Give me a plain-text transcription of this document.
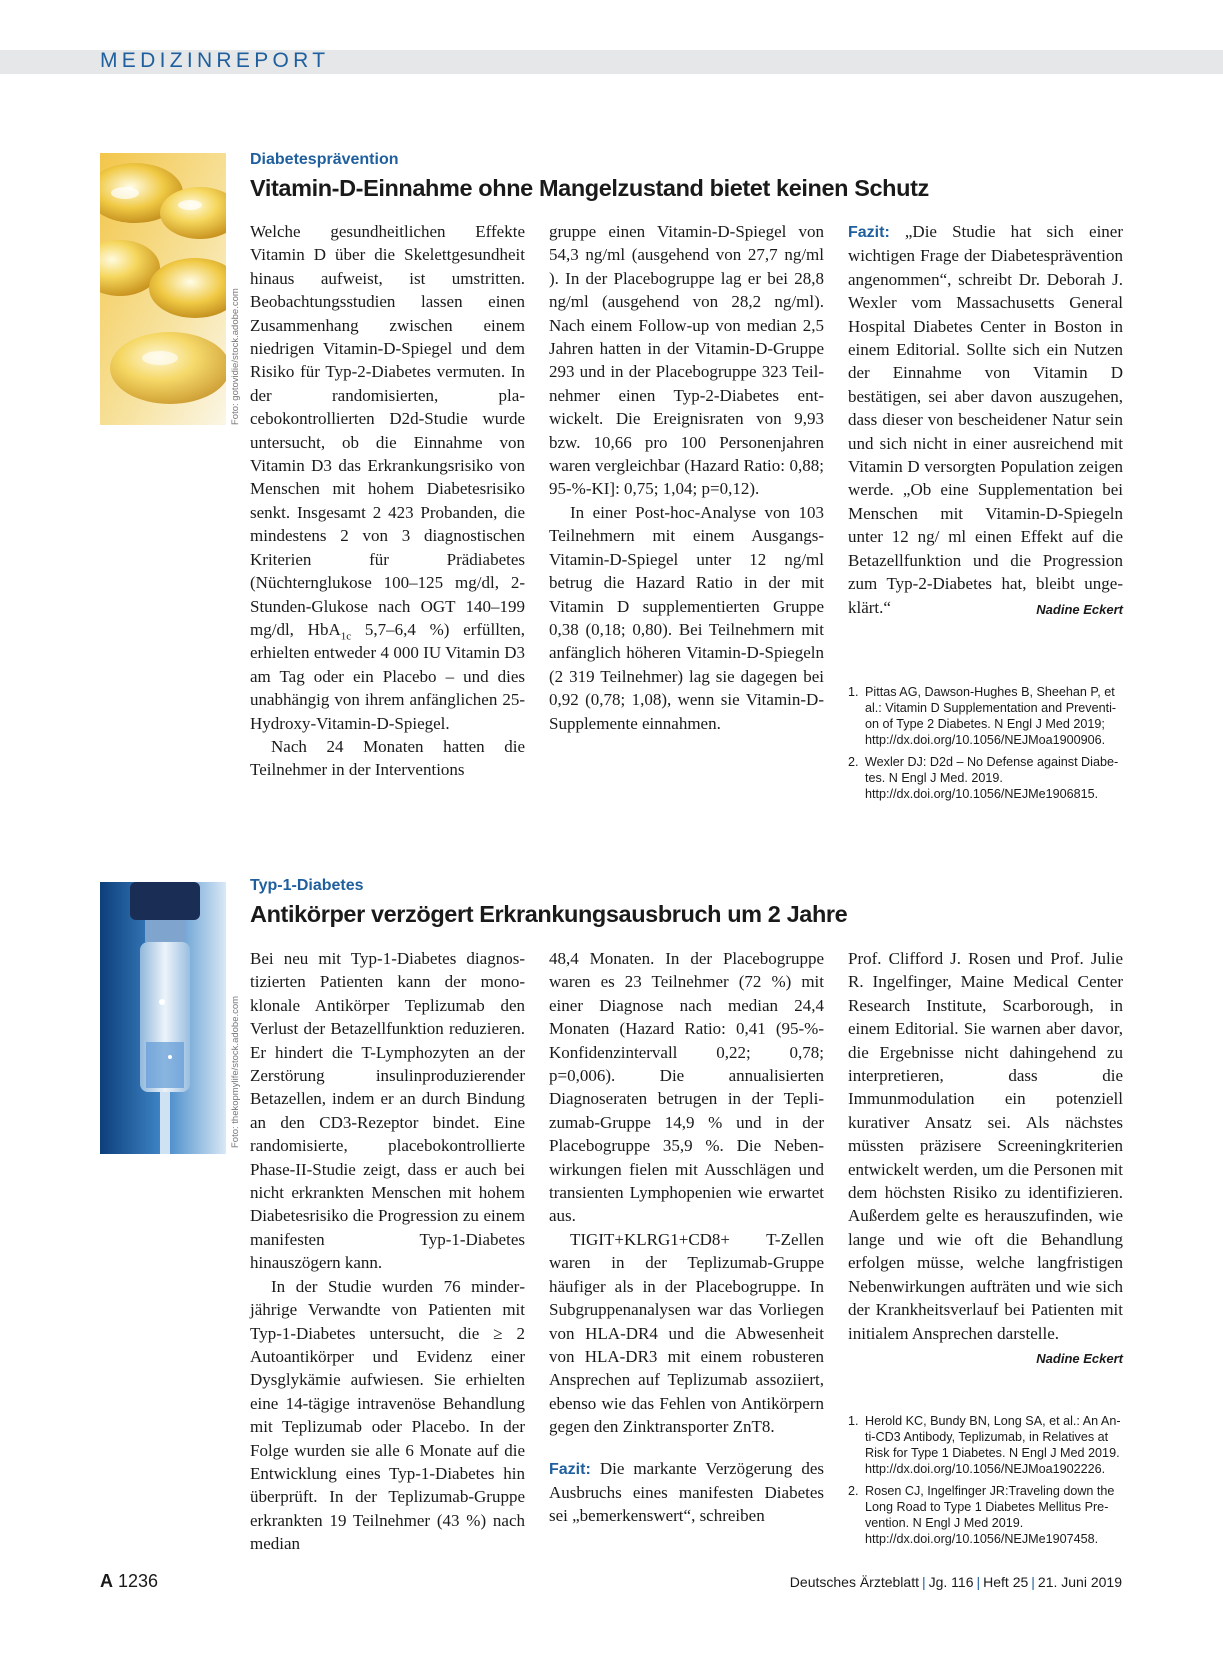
MEDIZINREPORT
Foto: gotovidie/stock.adobe.com
Diabetesprävention
Vitamin-D-Einnahme ohne Mangelzustand bietet keinen Schutz

Welche gesundheitlichen Effekte Vitamin D über die Skelettgesundheit hinaus aufweist, ist umstritten. Beobachtungsstudien lassen einen Zusammenhang zwischen einem niedrigen Vitamin-D-Spiegel und dem Risiko für Typ-2-Diabetes vermuten. In der randomisierten, placebokontrollierten D2d-Studie wurde untersucht, ob die Einnahme von Vitamin D3 das Erkrankungsrisiko von Menschen mit hohem Diabetesrisiko senkt. Insgesamt 2 423 Probanden, die mindestens 2 von 3 diagnostischen Kriterien für Prädiabetes (Nüchternglukose 100–125 mg/dl, 2-Stunden-Glukose nach OGT 140–199 mg/dl, HbA$_{1c}$ 5,7–6,4 %) erfüllten, erhielten entweder 4 000 IU Vitamin D3 am Tag oder ein Placebo – und dies unabhängig von ihrem anfänglichen 25-Hydroxy-Vitamin-D-Spiegel.

Nach 24 Monaten hatten die Teilnehmer in der Interventions

gruppe einen Vitamin-D-Spiegel von 54,3 ng/ml (ausgehend von 27,7 ng/ml ). In der Placebogruppe lag er bei 28,8 ng/ml (ausgehend von 28,2 ng/ml). Nach einem Follow-up von median 2,5 Jahren hatten in der Vitamin-D-Gruppe 293 und in der Placebogruppe 323 Teilnehmer einen Typ-2-Diabetes entwickelt. Die Ereignisraten von 9,93 bzw. 10,66 pro 100 Personenjahren waren vergleichbar (Hazard Ratio: 0,88; 95-%-KI]: 0,75; 1,04; p=0,12).

In einer Post-hoc-Analyse von 103 Teilnehmern mit einem Ausgangs-Vitamin-D-Spiegel unter 12 ng/ml betrug die Hazard Ratio in der mit Vitamin D supplementierten Gruppe 0,38 (0,18; 0,80). Bei Teilnehmern mit anfänglich höheren Vitamin-D-Spiegeln (2 319 Teilnehmer) lag sie dagegen bei 0,92 (0,78; 1,08), wenn sie Vitamin-D-Supplemente einnahmen.

Fazit: „Die Studie hat sich einer wichtigen Frage der Diabetesprävention angenommen“, schreibt Dr. Deborah J. Wexler vom Massachusetts General Hospital Diabetes Center in Boston in einem Editorial. Sollte sich ein Nutzen der Einnahme von Vitamin D bestätigen, sei aber davon auszugehen, dass dieser von bescheidener Natur sein und sich nicht in einer ausreichend mit Vitamin D versorgten Population zeigen werde. „Ob eine Supplementation bei Menschen mit Vitamin-D-Spiegeln unter 12 ng/ ml einen Effekt auf die Betazellfunktion und die Progression zum Typ-2-Diabetes hat, bleibt ungeklärt.“	Nadine Eckert

1. Pittas AG, Dawson-Hughes B, Sheehan P, et al.: Vitamin D Supplementation and Prevention of Type 2 Diabetes. N Engl J Med 2019; http://dx.doi.org/10.1056/NEJMoa1900906.
2. Wexler DJ: D2d – No Defense against Diabetes. N Engl J Med. 2019. http://dx.doi.org/10.1056/NEJMe1906815.
Foto: thekopmylife/stock.adobe.com
Typ-1-Diabetes
Antikörper verzögert Erkrankungsausbruch um 2 Jahre

Bei neu mit Typ-1-Diabetes diagnostizierten Patienten kann der monoklonale Antikörper Teplizumab den Verlust der Betazellfunktion reduzieren. Er hindert die T-Lymphozyten an der Zerstörung insulinproduzierender Betazellen, indem er an durch Bindung an den CD3-Rezeptor bindet. Eine randomisierte, placebokontrollierte Phase-II-Studie zeigt, dass er auch bei nicht erkrankten Menschen mit hohem Diabetesrisiko die Progression zu einem manifesten Typ-1-Diabetes hinauszögern kann.

In der Studie wurden 76 minderjährige Verwandte von Patienten mit Typ-1-Diabetes untersucht, die ≥ 2 Autoantikörper und Evidenz einer Dysglykämie aufwiesen. Sie erhielten eine 14-tägige intravenöse Behandlung mit Teplizumab oder Placebo. In der Folge wurden sie alle 6 Monate auf die Entwicklung eines Typ-1-Diabetes hin überprüft. In der Teplizumab-Gruppe erkrankten 19 Teilnehmer (43 %) nach median

48,4 Monaten. In der Placebogruppe waren es 23 Teilnehmer (72 %) mit einer Diagnose nach median 24,4 Monaten (Hazard Ratio: 0,41 (95-%-Konfidenzintervall 0,22; 0,78; p=0,006). Die annualisierten Diagnoseraten betrugen in der Teplizumab-Gruppe 14,9 % und in der Placebogruppe 35,9 %. Die Nebenwirkungen fielen mit Ausschlägen und transienten Lymphopenien wie erwartet aus.

TIGIT+KLRG1+CD8+ T-Zellen waren in der Teplizumab-Gruppe häufiger als in der Placebogruppe. In Subgruppenanalysen war das Vorliegen von HLA-DR4 und die Abwesenheit von HLA-DR3 mit einem robusteren Ansprechen auf Teplizumab assoziiert, ebenso wie das Fehlen von Antikörpern gegen den Zinktransporter ZnT8.

Fazit: Die markante Verzögerung des Ausbruchs eines manifesten Diabetes sei „bemerkenswert“, schreiben

Prof. Clifford J. Rosen und Prof. Julie R. Ingelfinger, Maine Medical Center Research Institute, Scarborough, in einem Editorial. Sie warnen aber davor, die Ergebnisse nicht dahingehend zu interpretieren, dass die Immunmodulation ein potenziell kurativer Ansatz sei. Als nächstes müssten präzisere Screeningkriterien entwickelt werden, um die Personen mit dem höchsten Risiko zu identifizieren. Außerdem gelte es herauszufinden, wie lange und wie oft die Behandlung erfolgen müsse, welche langfristigen Nebenwirkungen aufträten und wie sich der Krankheitsverlauf bei Patienten mit initialem Ansprechen darstelle.
Nadine Eckert

1. Herold KC, Bundy BN, Long SA, et al.: An Anti-CD3 Antibody, Teplizumab, in Relatives at Risk for Type 1 Diabetes. N Engl J Med 2019. http://dx.doi.org/10.1056/NEJMoa1902226.
2. Rosen CJ, Ingelfinger JR:Traveling down the Long Road to Type 1 Diabetes Mellitus Prevention. N Engl J Med 2019. http://dx.doi.org/10.1056/NEJMe1907458.
A 1236	Deutsches Ärzteblatt | Jg. 116 | Heft 25 | 21. Juni 2019
